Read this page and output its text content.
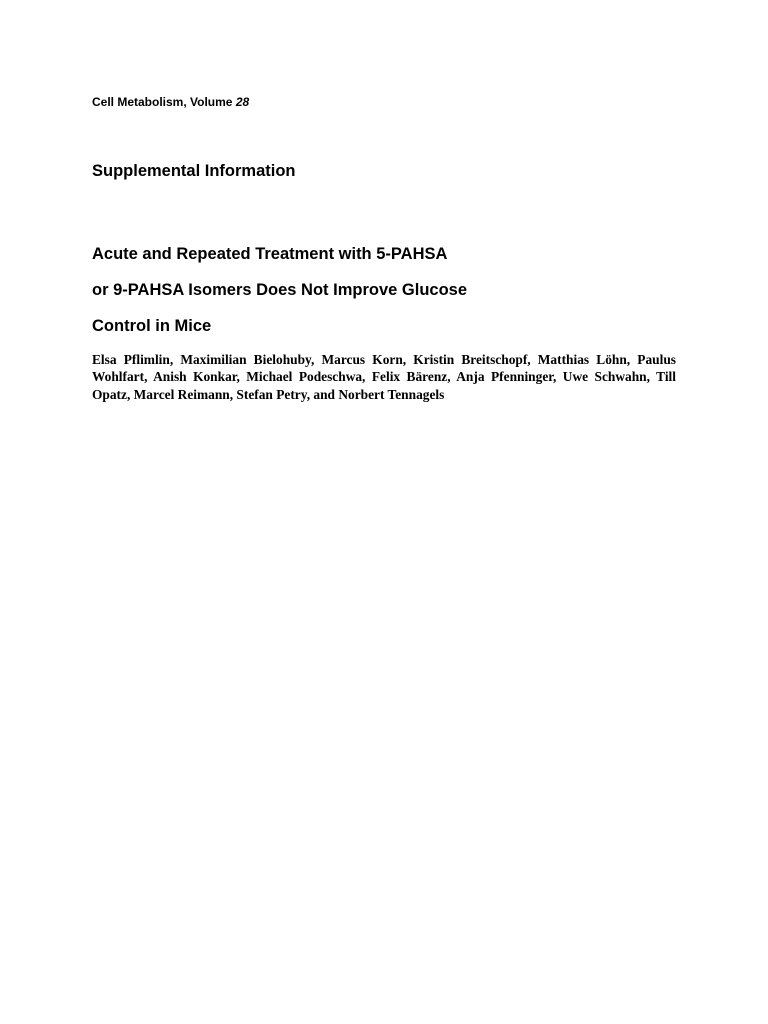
Cell Metabolism, Volume 28
Supplemental Information
Acute and Repeated Treatment with 5-PAHSA
or 9-PAHSA Isomers Does Not Improve Glucose
Control in Mice
Elsa Pflimlin, Maximilian Bielohuby, Marcus Korn, Kristin Breitschopf, Matthias Löhn, Paulus Wohlfart, Anish Konkar, Michael Podeschwa, Felix Bärenz, Anja Pfenninger, Uwe Schwahn, Till Opatz, Marcel Reimann, Stefan Petry, and Norbert Tennagels
